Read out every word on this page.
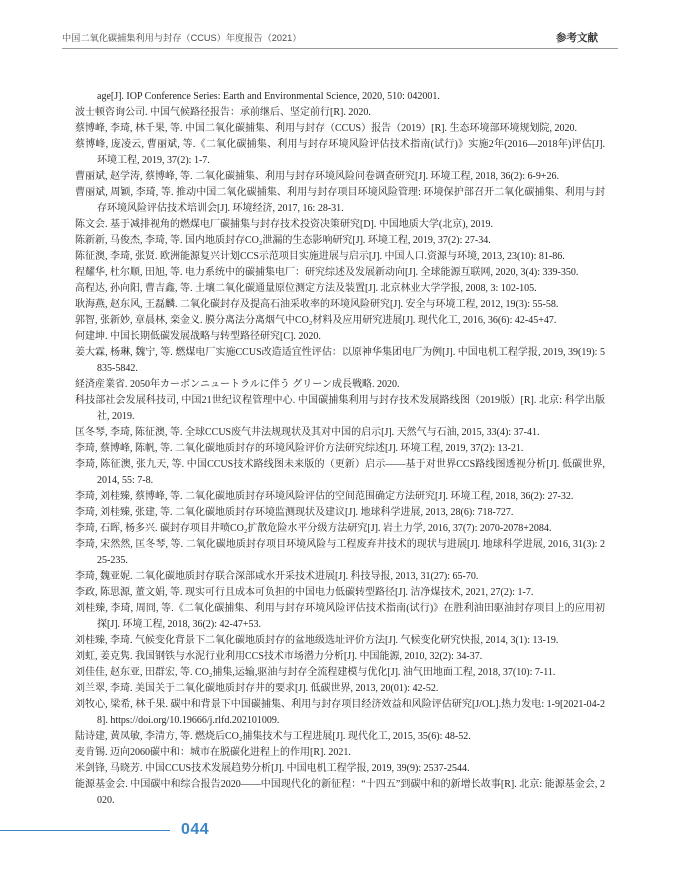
中国二氧化碳捕集利用与封存（CCUS）年度报告（2021）	参考文献

age[J]. IOP Conference Series: Earth and Environmental Science, 2020, 510: 042001.

波士顿咨询公司. 中国气候路径报告：承前继后、坚定前行[R]. 2020.

蔡博峰, 李琦, 林千果, 等. 中国二氧化碳捕集、利用与封存（CCUS）报告（2019）[R]. 生态环境部环境规划院, 2020.

蔡博峰, 庞凌云, 曹丽斌, 等.《二氧化碳捕集、利用与封存环境风险评估技术指南(试行)》实施2年(2016—2018年)评估[J]. 环境工程, 2019, 37(2): 1-7.

曹丽斌, 赵学涛, 蔡博峰, 等. 二氧化碳捕集、利用与封存环境风险问卷调查研究[J]. 环境工程, 2018, 36(2): 6-9+26.

曹丽斌, 周颖, 李琦, 等. 推动中国二氧化碳捕集、利用与封存项目环境风险管理: 环境保护部召开二氧化碳捕集、利用与封存环境风险评估技术培训会[J]. 环境经济, 2017, 16: 28-31.

陈文会. 基于减排视角的燃煤电厂碳捕集与封存技术投资决策研究[D]. 中国地质大学(北京), 2019.

陈新新, 马俊杰, 李琦, 等. 国内地质封存CO₂泄漏的生态影响研究[J]. 环境工程, 2019, 37(2): 27-34.

陈征澳, 李琦, 张贤. 欧洲能源复兴计划CCS示范项目实施进展与启示[J]. 中国人口.资源与环境, 2013, 23(10): 81-86.

程耀华, 杜尔顺, 田旭, 等. 电力系统中的碳捕集电厂：研究综述及发展新动向[J]. 全球能源互联网, 2020, 3(4): 339-350.

高程达, 孙向阳, 曹吉鑫, 等. 土壤二氧化碳通量原位测定方法及装置[J]. 北京林业大学学报, 2008, 3: 102-105.

耿海燕, 赵东风, 王磊麟. 二氧化碳封存及提高石油采收率的环境风险研究[J]. 安全与环境工程, 2012, 19(3): 55-58.

郭智, 张新妙, 章晨林, 栾金义. 膜分离法分离烟气中CO₂材料及应用研究进展[J]. 现代化工, 2016, 36(6): 42-45+47.

何建坤. 中国长期低碳发展战略与转型路径研究[C]. 2020.

姜大霖, 杨琳, 魏宁, 等. 燃煤电厂实施CCUS改造适宜性评估：以原神华集团电厂为例[J]. 中国电机工程学报, 2019, 39(19): 5835-5842.

経済産業省. 2050年カーボンニュートラルに伴う グリーン成長戦略. 2020.

科技部社会发展科技司, 中国21世纪议程管理中心. 中国碳捕集利用与封存技术发展路线图（2019版）[R]. 北京: 科学出版社, 2019.

匡冬琴, 李琦, 陈征澳, 等. 全球CCUS废气井法规现状及其对中国的启示[J]. 天然气与石油, 2015, 33(4): 37-41.

李琦, 蔡博峰, 陈帆, 等. 二氧化碳地质封存的环境风险评价方法研究综述[J]. 环境工程, 2019, 37(2): 13-21.

李琦, 陈征澳, 张九天, 等. 中国CCUS技术路线图未来版的（更新）启示——基于对世界CCS路线图透视分析[J]. 低碳世界, 2014, 55: 7-8.

李琦, 刘桂臻, 蔡博峰, 等. 二氧化碳地质封存环境风险评估的空间范围确定方法研究[J]. 环境工程, 2018, 36(2): 27-32.

李琦, 刘桂臻, 张建, 等. 二氧化碳地质封存环境监测现状及建议[J]. 地球科学进展, 2013, 28(6): 718-727.

李琦, 石晖, 杨多兴. 碳封存项目井喷CO₂扩散危险水平分级方法研究[J]. 岩土力学, 2016, 37(7): 2070-2078+2084.

李琦, 宋然然, 匡冬琴, 等. 二氧化碳地质封存项目环境风险与工程废弃井技术的现状与进展[J]. 地球科学进展, 2016, 31(3): 225-235.

李琦, 魏亚妮. 二氧化碳地质封存联合深部咸水开采技术进展[J]. 科技导报, 2013, 31(27): 65-70.

李政, 陈思源, 董文娟, 等. 现实可行且成本可负担的中国电力低碳转型路径[J]. 洁净煤技术, 2021, 27(2): 1-7.

刘桂臻, 李琦, 周冏, 等.《二氧化碳捕集、利用与封存环境风险评估技术指南(试行)》在胜利油田驱油封存项目上的应用初探[J]. 环境工程, 2018, 36(2): 42-47+53.

刘桂臻, 李琦. 气候变化背景下二氧化碳地质封存的盆地级选址评价方法[J]. 气候变化研究快报, 2014, 3(1): 13-19.

刘虹, 姜克隽. 我国钢铁与水泥行业利用CCS技术市场潜力分析[J]. 中国能源, 2010, 32(2): 34-37.

刘佳佳, 赵东亚, 田群宏, 等. CO₂捕集,运输,驱油与封存全流程建模与优化[J]. 油气田地面工程, 2018, 37(10): 7-11.

刘兰翠, 李琦. 美国关于二氧化碳地质封存井的要求[J]. 低碳世界, 2013, 20(01): 42-52.

刘牧心, 梁希, 林千果. 碳中和背景下中国碳捕集、利用与封存项目经济效益和风险评估研究[J/OL].热力发电: 1-9[2021-04-28]. https://doi.org/10.19666/j.rlfd.202101009.

陆诗建, 黄凤敏, 李清方, 等. 燃烧后CO₂捕集技术与工程进展[J]. 现代化工, 2015, 35(6): 48-52.

麦肯锡. 迈向2060碳中和：城市在脱碳化进程上的作用[R]. 2021.

米剑锋, 马晓芳. 中国CCUS技术发展趋势分析[J]. 中国电机工程学报, 2019, 39(9): 2537-2544.

能源基金会. 中国碳中和综合报告2020——中国现代化的新征程：“十四五”到碳中和的新增长故事[R]. 北京: 能源基金会, 2020.

044
